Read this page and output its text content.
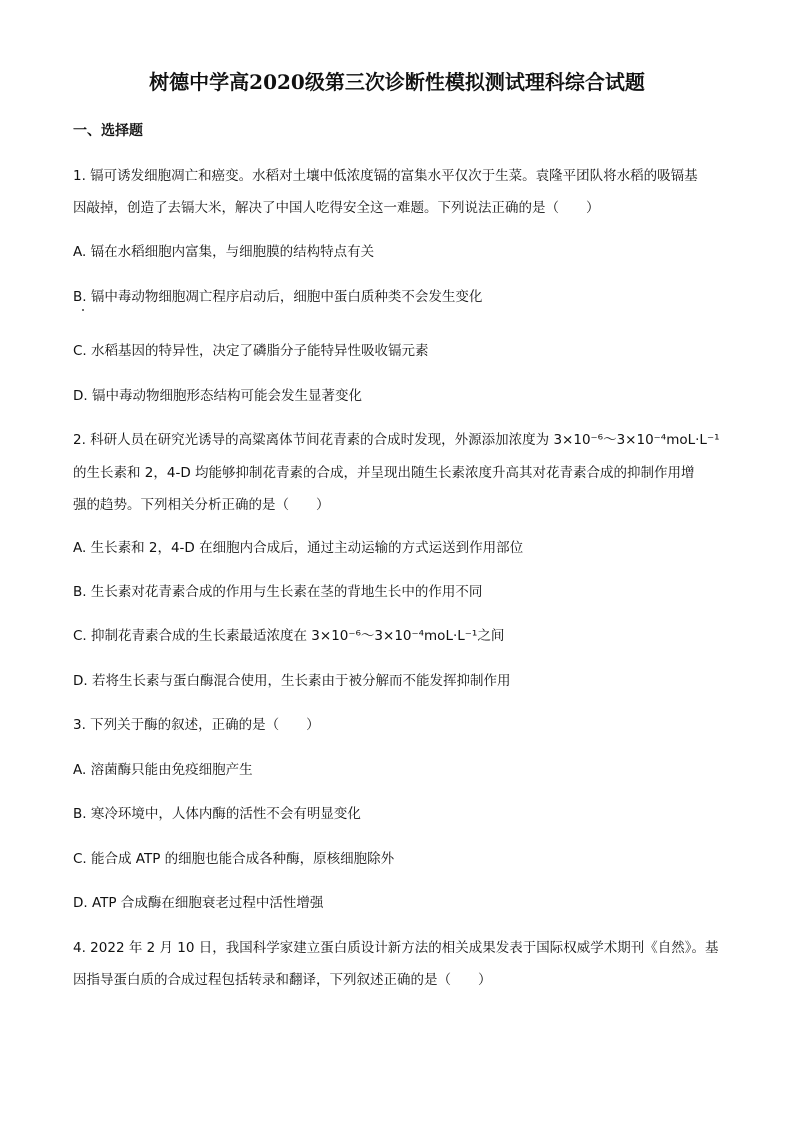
树德中学高2020级第三次诊断性模拟测试理科综合试题
一、选择题
1. 镉可诱发细胞凋亡和癌变。水稻对土壤中低浓度镉的富集水平仅次于生菜。袁隆平团队将水稻的吸镉基
因敲掉，创造了去镉大米，解决了中国人吃得安全这一难题。下列说法正确的是（　　）
A. 镉在水稻细胞内富集，与细胞膜的结构特点有关
B. 镉中毒动物细胞凋亡程序启动后，细胞中蛋白质种类不会发生变化
C. 水稻基因的特异性，决定了磷脂分子能特异性吸收镉元素
D. 镉中毒动物细胞形态结构可能会发生显著变化
2. 科研人员在研究光诱导的高粱离体节间花青素的合成时发现，外源添加浓度为 3×10⁻⁶～3×10⁻⁴moL·L⁻¹
的生长素和 2，4-D 均能够抑制花青素的合成，并呈现出随生长素浓度升高其对花青素合成的抑制作用增
强的趋势。下列相关分析正确的是（　　）
A. 生长素和 2，4-D 在细胞内合成后，通过主动运输的方式运送到作用部位
B. 生长素对花青素合成的作用与生长素在茎的背地生长中的作用不同
C. 抑制花青素合成的生长素最适浓度在 3×10⁻⁶～3×10⁻⁴moL·L⁻¹之间
D. 若将生长素与蛋白酶混合使用，生长素由于被分解而不能发挥抑制作用
3. 下列关于酶的叙述，正确的是（　　）
A. 溶菌酶只能由免疫细胞产生
B. 寒冷环境中，人体内酶的活性不会有明显变化
C. 能合成 ATP 的细胞也能合成各种酶，原核细胞除外
D. ATP 合成酶在细胞衰老过程中活性增强
4. 2022 年 2 月 10 日，我国科学家建立蛋白质设计新方法的相关成果发表于国际权威学术期刊《自然》。基
因指导蛋白质的合成过程包括转录和翻译，下列叙述正确的是（　　）
